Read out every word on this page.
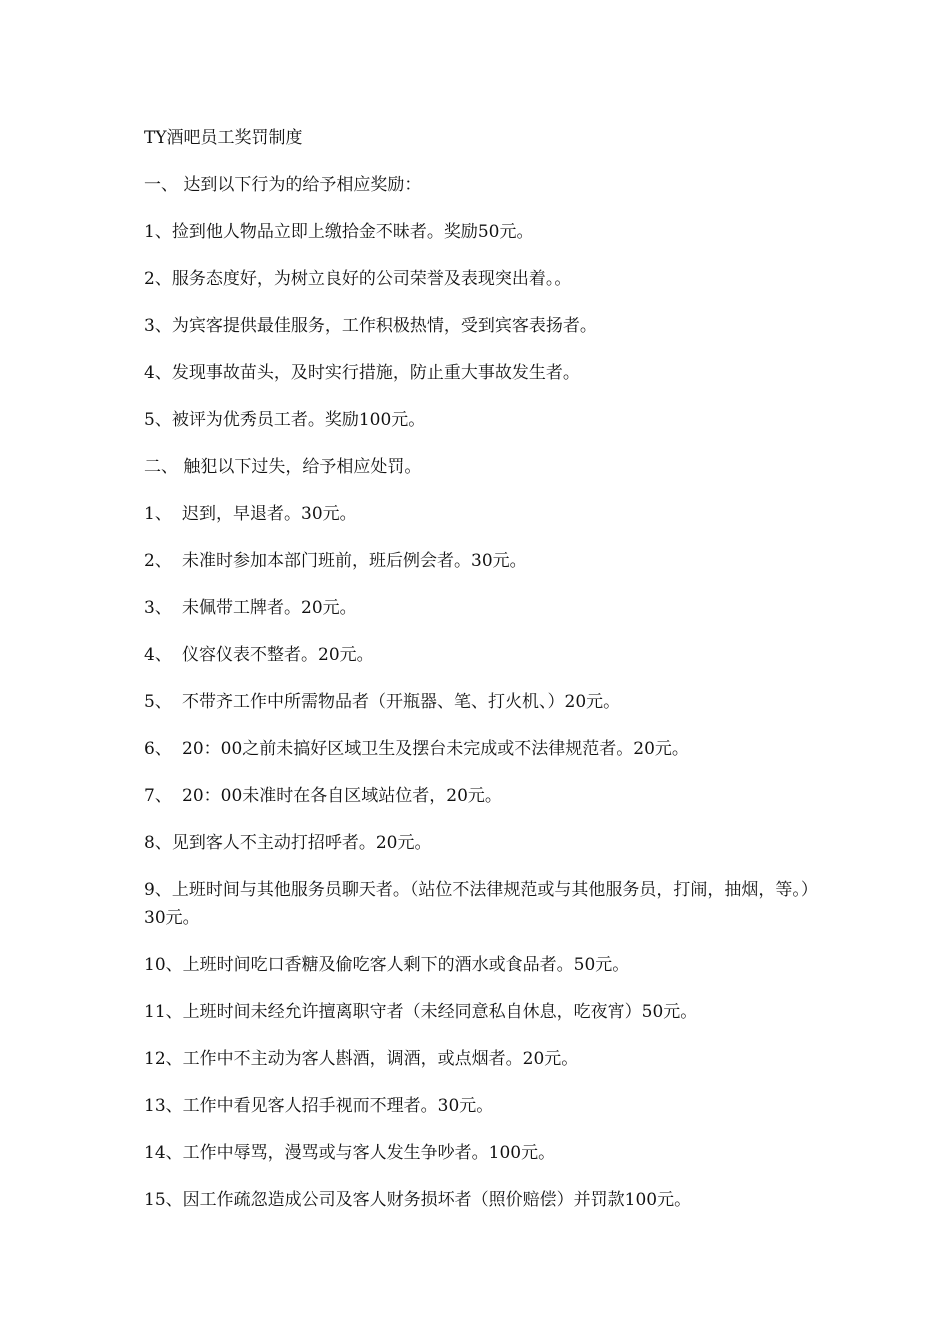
TY酒吧员工奖罚制度

一、 达到以下行为的给予相应奖励：

1、捡到他人物品立即上缴拾金不昧者。奖励50元。

2、服务态度好，为树立良好的公司荣誉及表现突出着。。

3、为宾客提供最佳服务，工作积极热情，受到宾客表扬者。

4、发现事故苗头，及时实行措施，防止重大事故发生者。

5、被评为优秀员工者。奖励100元。

二、 触犯以下过失，给予相应处罚。

1、 迟到，早退者。30元。

2、 未准时参加本部门班前，班后例会者。30元。

3、 未佩带工牌者。20元。

4、 仪容仪表不整者。20元。

5、 不带齐工作中所需物品者（开瓶器、笔、打火机、）20元。

6、 20：00之前未搞好区域卫生及摆台未完成或不法律规范者。20元。

7、 20：00未准时在各自区域站位者，20元。

8、见到客人不主动打招呼者。20元。

9、上班时间与其他服务员聊天者。（站位不法律规范或与其他服务员，打闹，抽烟，等。）30元。

10、上班时间吃口香糖及偷吃客人剩下的酒水或食品者。50元。

11、上班时间未经允许擅离职守者（未经同意私自休息，吃夜宵）50元。

12、工作中不主动为客人斟酒，调酒，或点烟者。20元。

13、工作中看见客人招手视而不理者。30元。

14、工作中辱骂，漫骂或与客人发生争吵者。100元。

15、因工作疏忽造成公司及客人财务损坏者（照价赔偿）并罚款100元。
